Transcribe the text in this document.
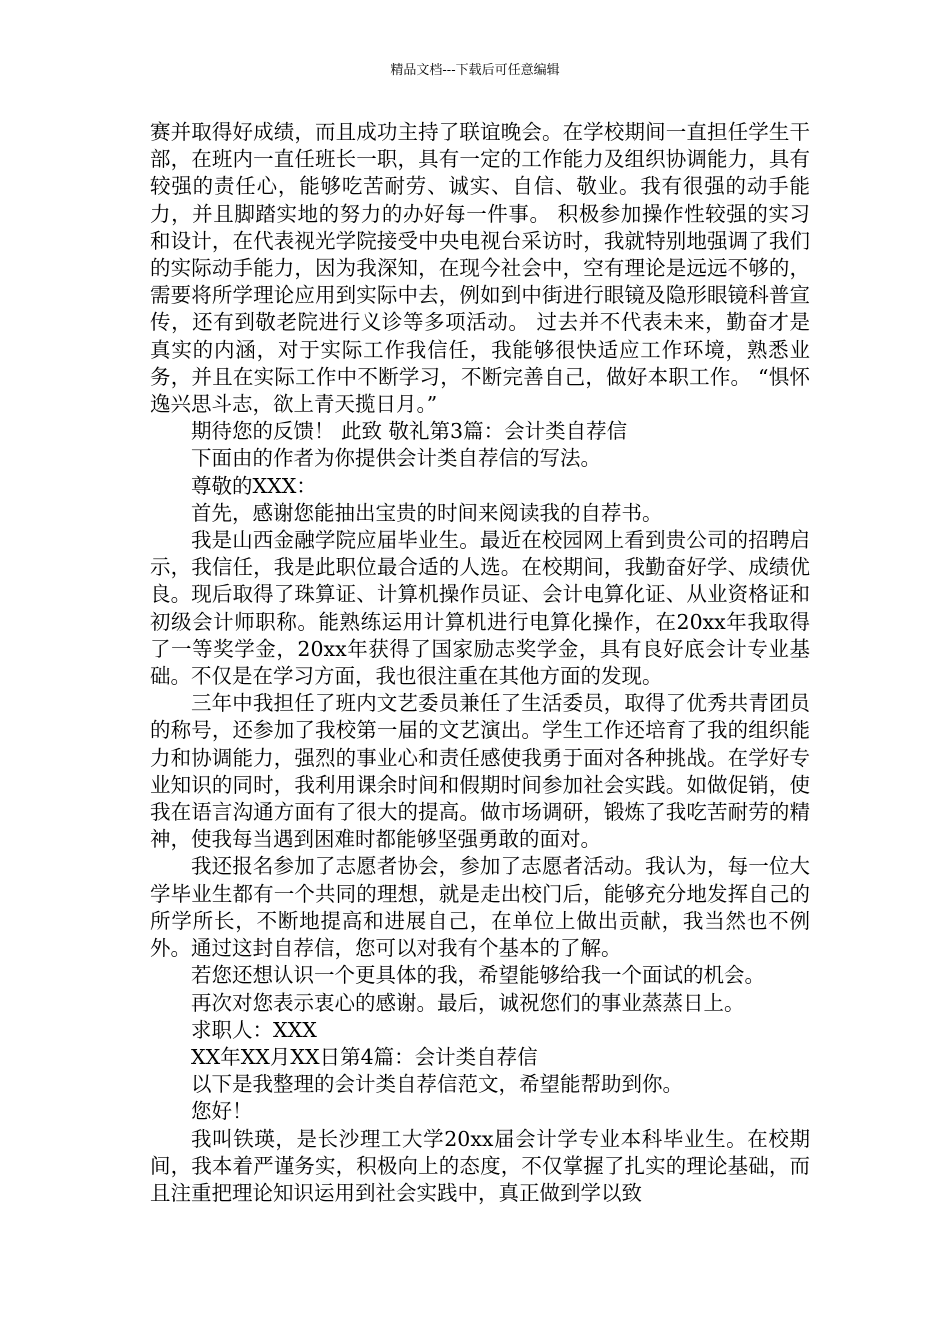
精品文档---下载后可任意编辑

赛并取得好成绩，而且成功主持了联谊晚会。在学校期间一直担任学生干部，在班内一直任班长一职，具有一定的工作能力及组织协调能力，具有较强的责任心，能够吃苦耐劳、诚实、自信、敬业。我有很强的动手能力，并且脚踏实地的努力的办好每一件事。 积极参加操作性较强的实习和设计，在代表视光学院接受中央电视台采访时，我就特别地强调了我们的实际动手能力，因为我深知，在现今社会中，空有理论是远远不够的，需要将所学理论应用到实际中去，例如到中街进行眼镜及隐形眼镜科普宣传，还有到敬老院进行义诊等多项活动。 过去并不代表未来，勤奋才是真实的内涵，对于实际工作我信任，我能够很快适应工作环境，熟悉业务，并且在实际工作中不断学习，不断完善自己，做好本职工作。 “惧怀逸兴思斗志，欲上青天揽日月。”

期待您的反馈！ 此致 敬礼第3篇：会计类自荐信

下面由的作者为你提供会计类自荐信的写法。

尊敬的XXX：

首先，感谢您能抽出宝贵的时间来阅读我的自荐书。

我是山西金融学院应届毕业生。最近在校园网上看到贵公司的招聘启示，我信任，我是此职位最合适的人选。在校期间，我勤奋好学、成绩优良。现后取得了珠算证、计算机操作员证、会计电算化证、从业资格证和初级会计师职称。能熟练运用计算机进行电算化操作，在20xx年我取得了一等奖学金，20xx年获得了国家励志奖学金，具有良好底会计专业基础。不仅是在学习方面，我也很注重在其他方面的发现。

三年中我担任了班内文艺委员兼任了生活委员，取得了优秀共青团员的称号，还参加了我校第一届的文艺演出。学生工作还培育了我的组织能力和协调能力，强烈的事业心和责任感使我勇于面对各种挑战。在学好专业知识的同时，我利用课余时间和假期时间参加社会实践。如做促销，使我在语言沟通方面有了很大的提高。做市场调研，锻炼了我吃苦耐劳的精神，使我每当遇到困难时都能够坚强勇敢的面对。

我还报名参加了志愿者协会，参加了志愿者活动。我认为，每一位大学毕业生都有一个共同的理想，就是走出校门后，能够充分地发挥自己的所学所长，不断地提高和进展自己，在单位上做出贡献，我当然也不例外。通过这封自荐信，您可以对我有个基本的了解。

若您还想认识一个更具体的我，希望能够给我一个面试的机会。

再次对您表示衷心的感谢。最后，诚祝您们的事业蒸蒸日上。

求职人：XXX

XX年XX月XX日第4篇：会计类自荐信

以下是我整理的会计类自荐信范文，希望能帮助到你。

您好！

我叫铁瑛，是长沙理工大学20xx届会计学专业本科毕业生。在校期间，我本着严谨务实，积极向上的态度，不仅掌握了扎实的理论基础，而且注重把理论知识运用到社会实践中，真正做到学以致
